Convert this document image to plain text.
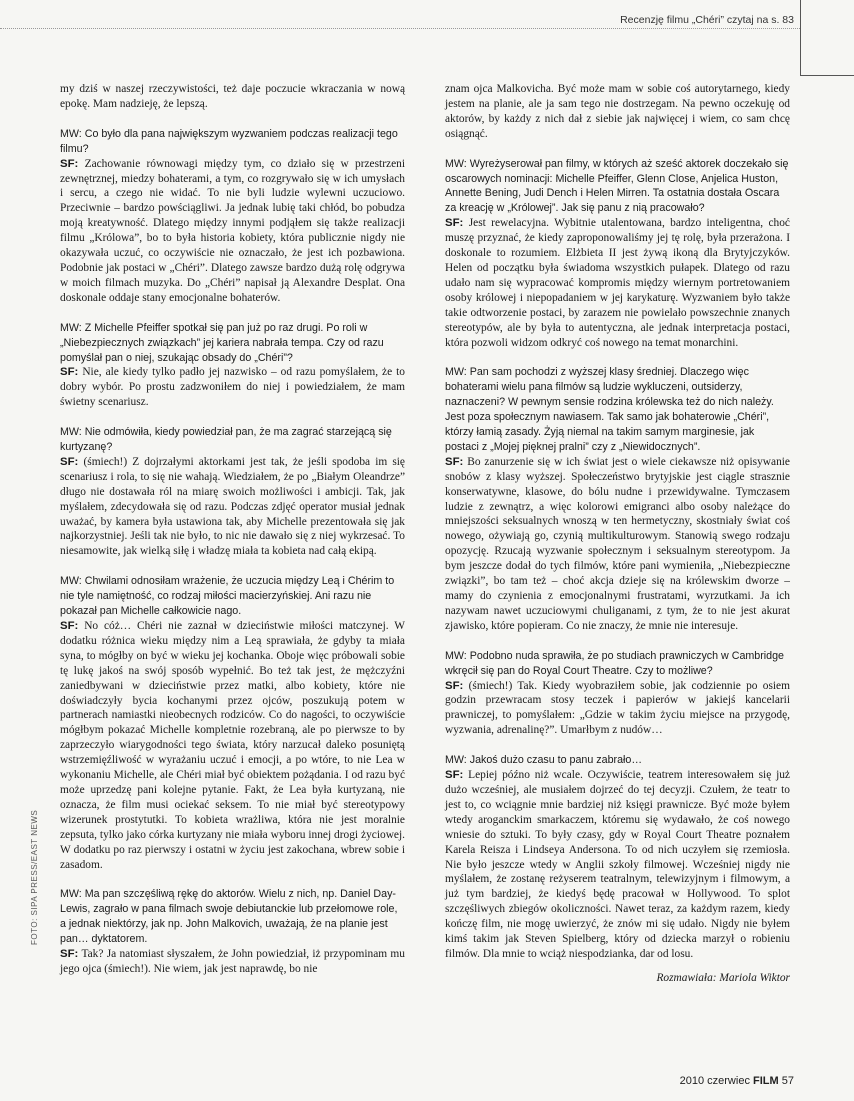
Recenzję filmu „Chéri” czytaj na s. 83

my dziś w naszej rzeczywistości, też daje poczucie wkraczania w nową epokę. Mam nadzieję, że lepszą.

MW: Co było dla pana największym wyzwaniem podczas realizacji tego filmu?
SF: Zachowanie równowagi między tym, co działo się w przestrzeni zewnętrznej, miedzy bohaterami, a tym, co rozgrywało się w ich umysłach i sercu, a czego nie widać. To nie byli ludzie wylewni uczuciowo. Przeciwnie – bardzo powściągliwi. Ja jednak lubię taki chłód, bo pobudza moją kreatywność. Dlatego między innymi podjąłem się także realizacji filmu „Królowa”, bo to była historia kobiety, która publicznie nigdy nie okazywała uczuć, co oczywiście nie oznaczało, że jest ich pozbawiona. Podobnie jak postaci w „Chéri”. Dlatego zawsze bardzo dużą rolę odgrywa w moich filmach muzyka. Do „Chéri” napisał ją Alexandre Desplat. Ona doskonale oddaje stany emocjonalne bohaterów.

MW: Z Michelle Pfeiffer spotkał się pan już po raz drugi. Po roli w „Niebezpiecznych związkach” jej kariera nabrała tempa. Czy od razu pomyślał pan o niej, szukając obsady do „Chéri”?
SF: Nie, ale kiedy tylko padło jej nazwisko – od razu pomyślałem, że to dobry wybór. Po prostu zadzwoniłem do niej i powiedziałem, że mam świetny scenariusz.

MW: Nie odmówiła, kiedy powiedział pan, że ma zagrać starzejącą się kurtyzanę?
SF: (śmiech!) Z dojrzałymi aktorkami jest tak, że jeśli spodoba im się scenariusz i rola, to się nie wahają. Wiedziałem, że po „Białym Oleandrze” długo nie dostawała ról na miarę swoich możliwości i ambicji. Tak, jak myślałem, zdecydowała się od razu. Podczas zdjęć operator musiał jednak uważać, by kamera była ustawiona tak, aby Michelle prezentowała się jak najkorzystniej. Jeśli tak nie było, to nic nie dawało się z niej wykrzesać. To niesamowite, jak wielką siłę i władzę miała ta kobieta nad całą ekipą.

MW: Chwilami odnosiłam wrażenie, że uczucia między Leą i Chérim to nie tyle namiętność, co rodzaj miłości macierzyńskiej. Ani razu nie pokazał pan Michelle całkowicie nago.
SF: No cóż… Chéri nie zaznał w dzieciństwie miłości matczynej. W dodatku różnica wieku między nim a Leą sprawiała, że gdyby ta miała syna, to mógłby on być w wieku jej kochanka. Oboje więc próbowali sobie tę lukę jakoś na swój sposób wypełnić. Bo też tak jest, że mężczyźni zaniedbywani w dzieciństwie przez matki, albo kobiety, które nie doświadczyły bycia kochanymi przez ojców, poszukują potem w partnerach namiastki nieobecnych rodziców. Co do nagości, to oczywiście mógłbym pokazać Michelle kompletnie rozebraną, ale po pierwsze to by zaprzeczyło wiarygodności tego świata, który narzucał daleko posuniętą wstrzemięźliwość w wyrażaniu uczuć i emocji, a po wtóre, to nie Lea w wykonaniu Michelle, ale Chéri miał być obiektem pożądania. I od razu być może uprzedzę pani kolejne pytanie. Fakt, że Lea była kurtyzaną, nie oznacza, że film musi ociekać seksem. To nie miał być stereotypowy wizerunek prostytutki. To kobieta wrażliwa, która nie jest moralnie zepsuta, tylko jako córka kurtyzany nie miała wyboru innej drogi życiowej. W dodatku po raz pierwszy i ostatni w życiu jest zakochana, wbrew sobie i zasadom.

MW: Ma pan szczęśliwą rękę do aktorów. Wielu z nich, np. Daniel Day-Lewis, zagrało w pana filmach swoje debiutanckie lub przełomowe role, a jednak niektórzy, jak np. John Malkovich, uważają, że na planie jest pan… dyktatorem.
SF: Tak? Ja natomiast słyszałem, że John powiedział, iż przypominam mu jego ojca (śmiech!). Nie wiem, jak jest naprawdę, bo nie

znam ojca Malkovicha. Być może mam w sobie coś autorytarnego, kiedy jestem na planie, ale ja sam tego nie dostrzegam. Na pewno oczekuję od aktorów, by każdy z nich dał z siebie jak najwięcej i wiem, co sam chcę osiągnąć.

MW: Wyreżyserował pan filmy, w których aż sześć aktorek doczekało się oscarowych nominacji: Michelle Pfeiffer, Glenn Close, Anjelica Huston, Annette Bening, Judi Dench i Helen Mirren. Ta ostatnia dostała Oscara za kreację w „Królowej”. Jak się panu z nią pracowało?
SF: Jest rewelacyjna. Wybitnie utalentowana, bardzo inteligentna, choć muszę przyznać, że kiedy zaproponowaliśmy jej tę rolę, była przerażona. I doskonale to rozumiem. Elżbieta II jest żywą ikoną dla Brytyjczyków. Helen od początku była świadoma wszystkich pułapek. Dlatego od razu udało nam się wypracować kompromis między wiernym portretowaniem osoby królowej i niepopadaniem w jej karykaturę. Wyzwaniem było także takie odtworzenie postaci, by zarazem nie powielało powszechnie znanych stereotypów, ale by była to autentyczna, ale jednak interpretacja postaci, która pozwoli widzom odkryć coś nowego na temat monarchini.

MW: Pan sam pochodzi z wyższej klasy średniej. Dlaczego więc bohaterami wielu pana filmów są ludzie wykluczeni, outsiderzy, naznaczeni? W pewnym sensie rodzina królewska też do nich należy. Jest poza społecznym nawiasem. Tak samo jak bohaterowie „Chéri”, którzy łamią zasady. Żyją niemal na takim samym marginesie, jak postaci z „Mojej pięknej pralni” czy z „Niewidocznych”.
SF: Bo zanurzenie się w ich świat jest o wiele ciekawsze niż opisywanie snobów z klasy wyższej. Społeczeństwo brytyjskie jest ciągle strasznie konserwatywne, klasowe, do bólu nudne i przewidywalne. Tymczasem ludzie z zewnątrz, a więc kolorowi emigranci albo osoby należące do mniejszości seksualnych wnoszą w ten hermetyczny, skostniały świat coś nowego, ożywiają go, czynią multikulturowym. Stanowią swego rodzaju opozycję. Rzucają wyzwanie społecznym i seksualnym stereotypom. Ja bym jeszcze dodał do tych filmów, które pani wymieniła, „Niebezpieczne związki”, bo tam też – choć akcja dzieje się na królewskim dworze – mamy do czynienia z emocjonalnymi frustratami, wyrzutkami. Ja ich nazywam nawet uczuciowymi chuliganami, z tym, że to nie jest akurat zjawisko, które popieram. Co nie znaczy, że mnie nie interesuje.

MW: Podobno nuda sprawiła, że po studiach prawniczych w Cambridge wkręcił się pan do Royal Court Theatre. Czy to możliwe?
SF: (śmiech!) Tak. Kiedy wyobraziłem sobie, jak codziennie po osiem godzin przewracam stosy teczek i papierów w jakiejś kancelarii prawniczej, to pomyślałem: „Gdzie w takim życiu miejsce na przygodę, wyzwania, adrenalinę?”. Umarłbym z nudów…

MW: Jakoś dużo czasu to panu zabrało…
SF: Lepiej późno niż wcale. Oczywiście, teatrem interesowałem się już dużo wcześniej, ale musiałem dojrzeć do tej decyzji. Czułem, że teatr to jest to, co wciągnie mnie bardziej niż księgi prawnicze. Być może byłem wtedy aroganckim smarkaczem, któremu się wydawało, że coś nowego wniesie do sztuki. To były czasy, gdy w Royal Court Theatre poznałem Karela Reisza i Lindseya Andersona. To od nich uczyłem się rzemiosła. Nie było jeszcze wtedy w Anglii szkoły filmowej. Wcześniej nigdy nie myślałem, że zostanę reżyserem teatralnym, telewizyjnym i filmowym, a już tym bardziej, że kiedyś będę pracował w Hollywood. To splot szczęśliwych zbiegów okoliczności. Nawet teraz, za każdym razem, kiedy kończę film, nie mogę uwierzyć, że znów mi się udało. Nigdy nie byłem kimś takim jak Steven Spielberg, który od dziecka marzył o robieniu filmów. Dla mnie to wciąż niespodzianka, dar od losu.

Rozmawiała: Mariola Wiktor

FOTO: SIPA PRESS/EAST NEWS
2010 czerwiec FILM 57
